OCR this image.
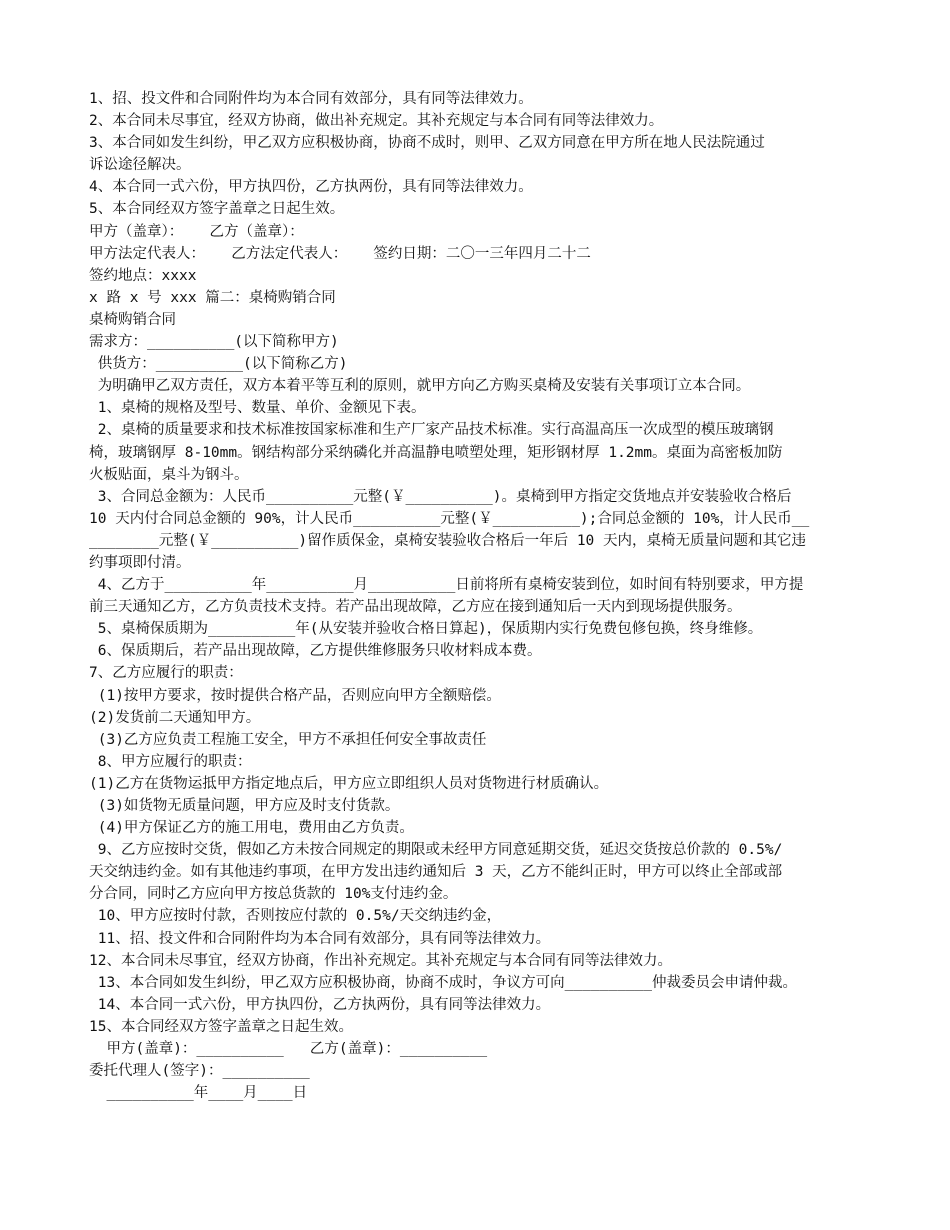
1、招、投文件和合同附件均为本合同有效部分，具有同等法律效力。
2、本合同未尽事宜，经双方协商，做出补充规定。其补充规定与本合同有同等法律效力。
3、本合同如发生纠纷，甲乙双方应积极协商，协商不成时，则甲、乙双方同意在甲方所在地人民法院通过
诉讼途径解决。
4、本合同一式六份，甲方执四份，乙方执两份，具有同等法律效力。
5、本合同经双方签字盖章之日起生效。
甲方（盖章）：   乙方（盖章）：
甲方法定代表人：   乙方法定代表人：   签约日期：二〇一三年四月二十二
签约地点：xxxx
x 路 x 号 xxx 篇二：桌椅购销合同
桌椅购销合同
需求方：__________(以下简称甲方)
供货方：__________(以下简称乙方)
为明确甲乙双方责任，双方本着平等互利的原则，就甲方向乙方购买桌椅及安装有关事项订立本合同。
1、桌椅的规格及型号、数量、单价、金额见下表。
2、桌椅的质量要求和技术标准按国家标准和生产厂家产品技术标准。实行高温高压一次成型的模压玻璃钢
椅，玻璃钢厚 8-10mm。钢结构部分采纳磷化并高温静电喷塑处理，矩形钢材厚 1.2mm。桌面为高密板加防
火板贴面，桌斗为钢斗。
3、合同总金额为：人民币__________元整(￥__________)。桌椅到甲方指定交货地点并安装验收合格后
10 天内付合同总金额的 90%，计人民币__________元整(￥__________);合同总金额的 10%，计人民币__
________元整(￥__________)留作质保金，桌椅安装验收合格后一年后 10 天内，桌椅无质量问题和其它违
约事项即付清。
4、乙方于__________年__________月__________日前将所有桌椅安装到位，如时间有特别要求，甲方提
前三天通知乙方，乙方负责技术支持。若产品出现故障，乙方应在接到通知后一天内到现场提供服务。
5、桌椅保质期为__________年(从安装并验收合格日算起)，保质期内实行免费包修包换，终身维修。
6、保质期后，若产品出现故障，乙方提供维修服务只收材料成本费。
7、乙方应履行的职责：
(1)按甲方要求，按时提供合格产品，否则应向甲方全额赔偿。
(2)发货前二天通知甲方。
(3)乙方应负责工程施工安全，甲方不承担任何安全事故责任
8、甲方应履行的职责：
(1)乙方在货物运抵甲方指定地点后，甲方应立即组织人员对货物进行材质确认。
(3)如货物无质量问题，甲方应及时支付货款。
(4)甲方保证乙方的施工用电，费用由乙方负责。
9、乙方应按时交货，假如乙方未按合同规定的期限或未经甲方同意延期交货，延迟交货按总价款的 0.5%/
天交纳违约金。如有其他违约事项，在甲方发出违约通知后 3 天，乙方不能纠正时，甲方可以终止全部或部
分合同，同时乙方应向甲方按总货款的 10%支付违约金。
10、甲方应按时付款，否则按应付款的 0.5%/天交纳违约金，
11、招、投文件和合同附件均为本合同有效部分，具有同等法律效力。
12、本合同未尽事宜，经双方协商，作出补充规定。其补充规定与本合同有同等法律效力。
13、本合同如发生纠纷，甲乙双方应积极协商，协商不成时，争议方可向__________仲裁委员会申请仲裁。
14、本合同一式六份，甲方执四份，乙方执两份，具有同等法律效力。
15、本合同经双方签字盖章之日起生效。
甲方(盖章)：__________   乙方(盖章)：__________
委托代理人(签字)：__________
__________年____月____日
